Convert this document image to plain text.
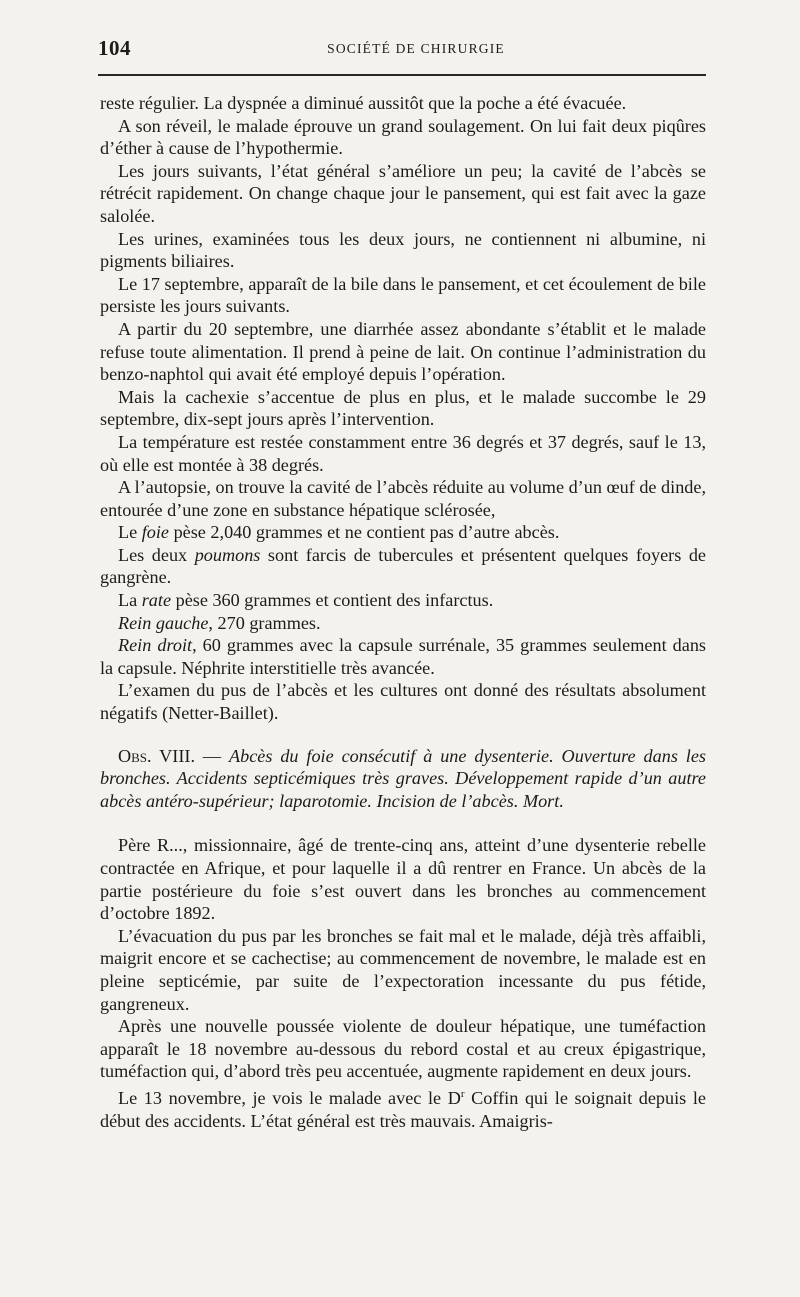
104	SOCIÉTÉ DE CHIRURGIE

reste régulier. La dyspnée a diminué aussitôt que la poche a été évacuée.

A son réveil, le malade éprouve un grand soulagement. On lui fait deux piqûres d’éther à cause de l’hypothermie.

Les jours suivants, l’état général s’améliore un peu; la cavité de l’abcès se rétrécit rapidement. On change chaque jour le pansement, qui est fait avec la gaze salolée.

Les urines, examinées tous les deux jours, ne contiennent ni albumine, ni pigments biliaires.

Le 17 septembre, apparaît de la bile dans le pansement, et cet écoulement de bile persiste les jours suivants.

A partir du 20 septembre, une diarrhée assez abondante s’établit et le malade refuse toute alimentation. Il prend à peine de lait. On continue l’administration du benzo-naphtol qui avait été employé depuis l’opération.

Mais la cachexie s’accentue de plus en plus, et le malade succombe le 29 septembre, dix-sept jours après l’intervention.

La température est restée constamment entre 36 degrés et 37 degrés, sauf le 13, où elle est montée à 38 degrés.

A l’autopsie, on trouve la cavité de l’abcès réduite au volume d’un œuf de dinde, entourée d’une zone en substance hépatique sclérosée,

Le foie pèse 2,040 grammes et ne contient pas d’autre abcès.

Les deux poumons sont farcis de tubercules et présentent quelques foyers de gangrène.

La rate pèse 360 grammes et contient des infarctus.

Rein gauche, 270 grammes.

Rein droit, 60 grammes avec la capsule surrénale, 35 grammes seulement dans la capsule. Néphrite interstitielle très avancée.

L’examen du pus de l’abcès et les cultures ont donné des résultats absolument négatifs (Netter-Baillet).

Obs. VIII. — Abcès du foie consécutif à une dysenterie. Ouverture dans les bronches. Accidents septicémiques très graves. Développement rapide d’un autre abcès antéro-supérieur; laparotomie. Incision de l’abcès. Mort.

Père R..., missionnaire, âgé de trente-cinq ans, atteint d’une dysenterie rebelle contractée en Afrique, et pour laquelle il a dû rentrer en France. Un abcès de la partie postérieure du foie s’est ouvert dans les bronches au commencement d’octobre 1892.

L’évacuation du pus par les bronches se fait mal et le malade, déjà très affaibli, maigrit encore et se cachectise; au commencement de novembre, le malade est en pleine septicémie, par suite de l’expectoration incessante du pus fétide, gangreneux.

Après une nouvelle poussée violente de douleur hépatique, une tuméfaction apparaît le 18 novembre au-dessous du rebord costal et au creux épigastrique, tuméfaction qui, d’abord très peu accentuée, augmente rapidement en deux jours.

Le 13 novembre, je vois le malade avec le $D^r$ Coffin qui le soignait depuis le début des accidents. L’état général est très mauvais. Amaigris-
